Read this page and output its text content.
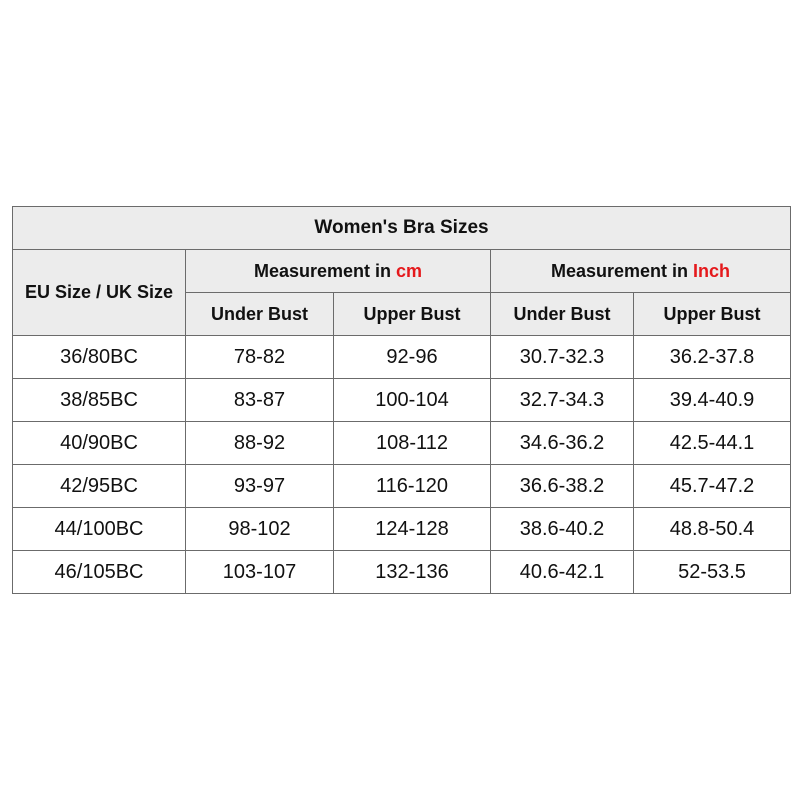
Women's Bra Sizes				
EU Size / UK Size	Measurement in cm		Measurement in Inch	
	Under Bust	Upper Bust	Under Bust	Upper Bust
36/80BC	78-82	92-96	30.7-32.3	36.2-37.8
38/85BC	83-87	100-104	32.7-34.3	39.4-40.9
40/90BC	88-92	108-112	34.6-36.2	42.5-44.1
42/95BC	93-97	116-120	36.6-38.2	45.7-47.2
44/100BC	98-102	124-128	38.6-40.2	48.8-50.4
46/105BC	103-107	132-136	40.6-42.1	52-53.5
